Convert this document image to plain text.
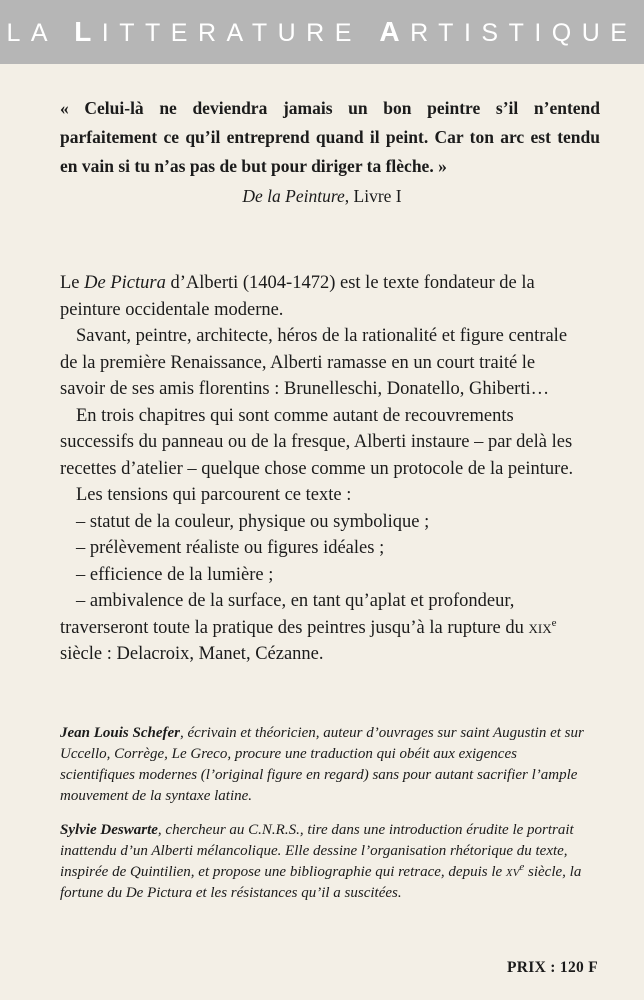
LA LITTERATURE ARTISTIQUE
« Celui-là ne deviendra jamais un bon peintre s’il n’entend parfaitement ce qu’il entreprend quand il peint. Car ton arc est tendu en vain si tu n’as pas de but pour diriger ta flèche. »
De la Peinture, Livre I

Le De Pictura d’Alberti (1404-1472) est le texte fondateur de la peinture occidentale moderne.

Savant, peintre, architecte, héros de la rationalité et figure centrale de la première Renaissance, Alberti ramasse en un court traité le savoir de ses amis florentins : Brunelleschi, Donatello, Ghiberti…

En trois chapitres qui sont comme autant de recouvrements successifs du panneau ou de la fresque, Alberti instaure – par delà les recettes d’atelier – quelque chose comme un protocole de la peinture.

Les tensions qui parcourent ce texte :

– statut de la couleur, physique ou symbolique ;

– prélèvement réaliste ou figures idéales ;

– efficience de la lumière ;

– ambivalence de la surface, en tant qu’aplat et profondeur,

traverseront toute la pratique des peintres jusqu’à la rupture du xix$^e$ siècle : Delacroix, Manet, Cézanne.

Jean Louis Schefer, écrivain et théoricien, auteur d’ouvrages sur saint Augustin et sur Uccello, Corrège, Le Greco, procure une traduction qui obéit aux exigences scientifiques modernes (l’original figure en regard) sans pour autant sacrifier l’ample mouvement de la syntaxe latine.
Sylvie Deswarte, chercheur au C.N.R.S., tire dans une introduction érudite le portrait inattendu d’un Alberti mélancolique. Elle dessine l’organisation rhétorique du texte, inspirée de Quintilien, et propose une bibliographie qui retrace, depuis le $xv^e$ siècle, la fortune du De Pictura et les résistances qu’il a suscitées.
PRIX : 120 F
